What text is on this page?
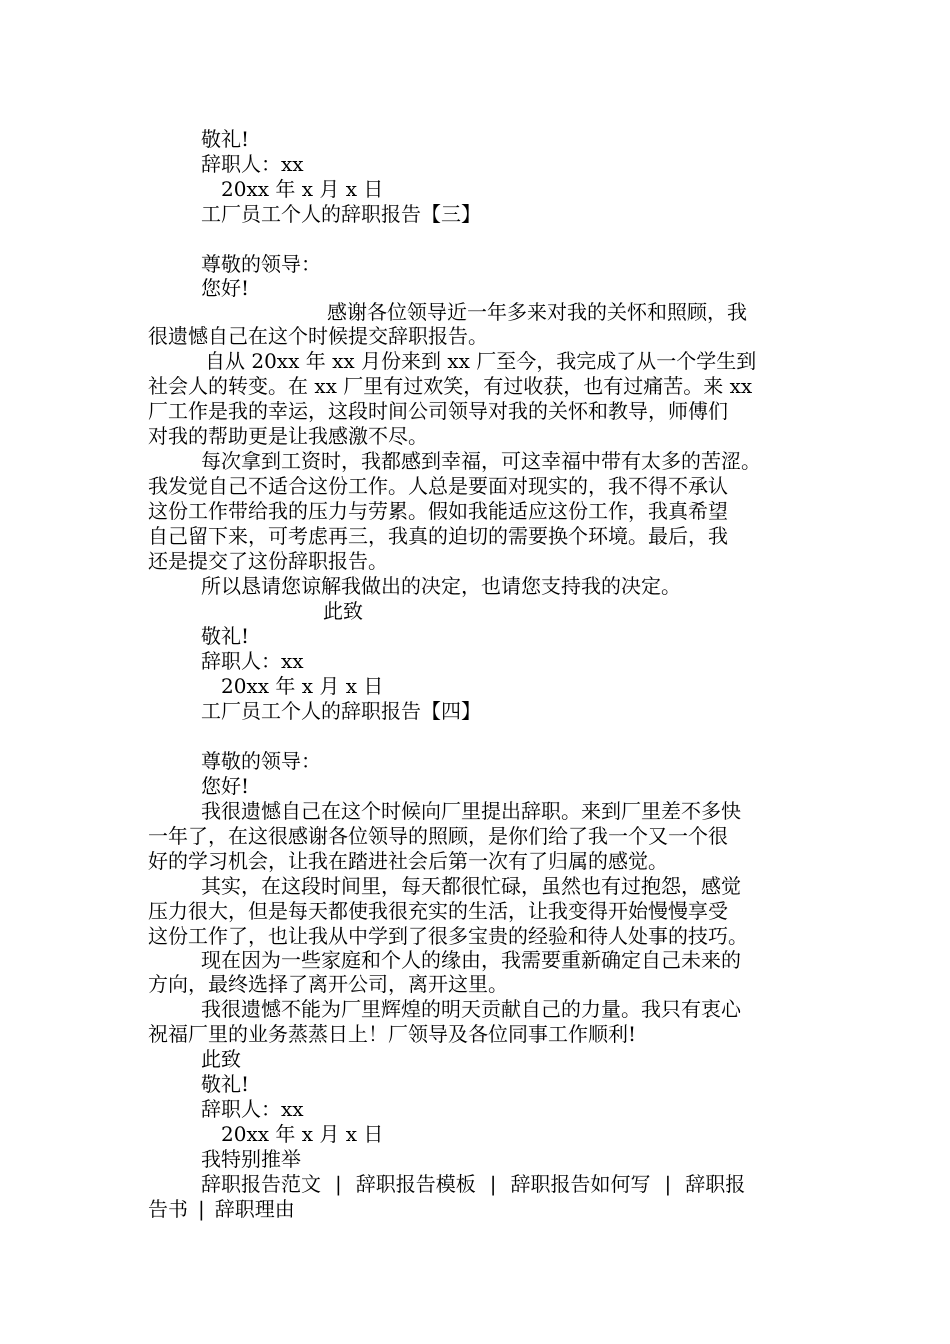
敬礼!
辞职人：xx
20xx 年 x 月 x 日
工厂员工个人的辞职报告【三】
尊敬的领导：
您好!
感谢各位领导近一年多来对我的关怀和照顾，我
很遗憾自己在这个时候提交辞职报告。
自从 20xx 年 xx 月份来到 xx 厂至今，我完成了从一个学生到
社会人的转变。在 xx 厂里有过欢笑，有过收获，也有过痛苦。来 xx
厂工作是我的幸运，这段时间公司领导对我的关怀和教导，师傅们
对我的帮助更是让我感激不尽。
每次拿到工资时，我都感到幸福，可这幸福中带有太多的苦涩。
我发觉自己不适合这份工作。人总是要面对现实的，我不得不承认
这份工作带给我的压力与劳累。假如我能适应这份工作，我真希望
自己留下来，可考虑再三，我真的迫切的需要换个环境。最后，我
还是提交了这份辞职报告。
所以恳请您谅解我做出的决定，也请您支持我的决定。
此致
敬礼!
辞职人：xx
20xx 年 x 月 x 日
工厂员工个人的辞职报告【四】
尊敬的领导：
您好!
我很遗憾自己在这个时候向厂里提出辞职。来到厂里差不多快
一年了，在这很感谢各位领导的照顾，是你们给了我一个又一个很
好的学习机会，让我在踏进社会后第一次有了归属的感觉。
其实，在这段时间里，每天都很忙碌，虽然也有过抱怨，感觉
压力很大，但是每天都使我很充实的生活，让我变得开始慢慢享受
这份工作了，也让我从中学到了很多宝贵的经验和待人处事的技巧。
现在因为一些家庭和个人的缘由，我需要重新确定自己未来的
方向，最终选择了离开公司，离开这里。
我很遗憾不能为厂里辉煌的明天贡献自己的力量。我只有衷心
祝福厂里的业务蒸蒸日上！厂领导及各位同事工作顺利!
此致
敬礼!
辞职人：xx
20xx 年 x 月 x 日
我特别推举
辞职报告范文 | 辞职报告模板 | 辞职报告如何写 | 辞职报
告书 | 辞职理由
